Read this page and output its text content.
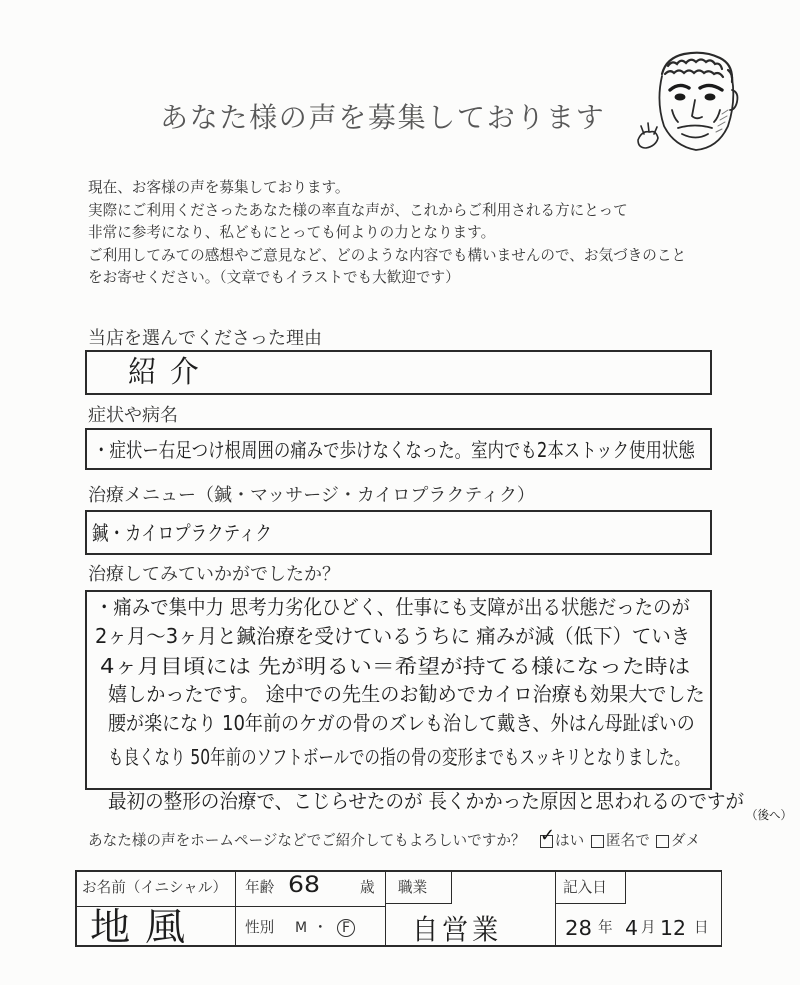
あなた様の声を募集しております
現在、お客様の声を募集しております。
実際にご利用くださったあなた様の率直な声が、これからご利用される方にとって
非常に参考になり、私どもにとっても何よりの力となります。
ご利用してみての感想やご意見など、どのような内容でも構いませんので、お気づきのこと
をお寄せください。（文章でもイラストでも大歓迎です）
当店を選んでくださった理由
紹介
症状や病名
・症状ー右足つけ根周囲の痛みで歩けなくなった。室内でも2本ストック使用状態
治療メニュー（鍼・マッサージ・カイロプラクティク）
鍼・カイロプラクティク
治療してみていかがでしたか？
・痛みで集中力 思考力劣化ひどく、仕事にも支障が出る状態だったのが
2ヶ月〜3ヶ月と鍼治療を受けているうちに 痛みが減（低下）ていき
4ヶ月目頃には 先が明るい＝希望が持てる様になった時は
嬉しかったです。 途中での先生のお勧めでカイロ治療も効果大でした
腰が楽になり 10年前のケガの骨のズレも治して戴き、外はん母趾ぽいの
も良くなり 50年前のソフトボールでの指の骨の変形までもスッキリとなりました。
最初の整形の治療で、こじらせたのが 長くかかった原因と思われるのですが
（後へ）
あなた様の声をホームページなどでご紹介してもよろしいですか？
✓ はい 匿名で ダメ
お名前（イニシャル）
地風
年齢 68	歳
性別 M ・	F
職業
自営業
記入日
28 年 4 月 12 日
